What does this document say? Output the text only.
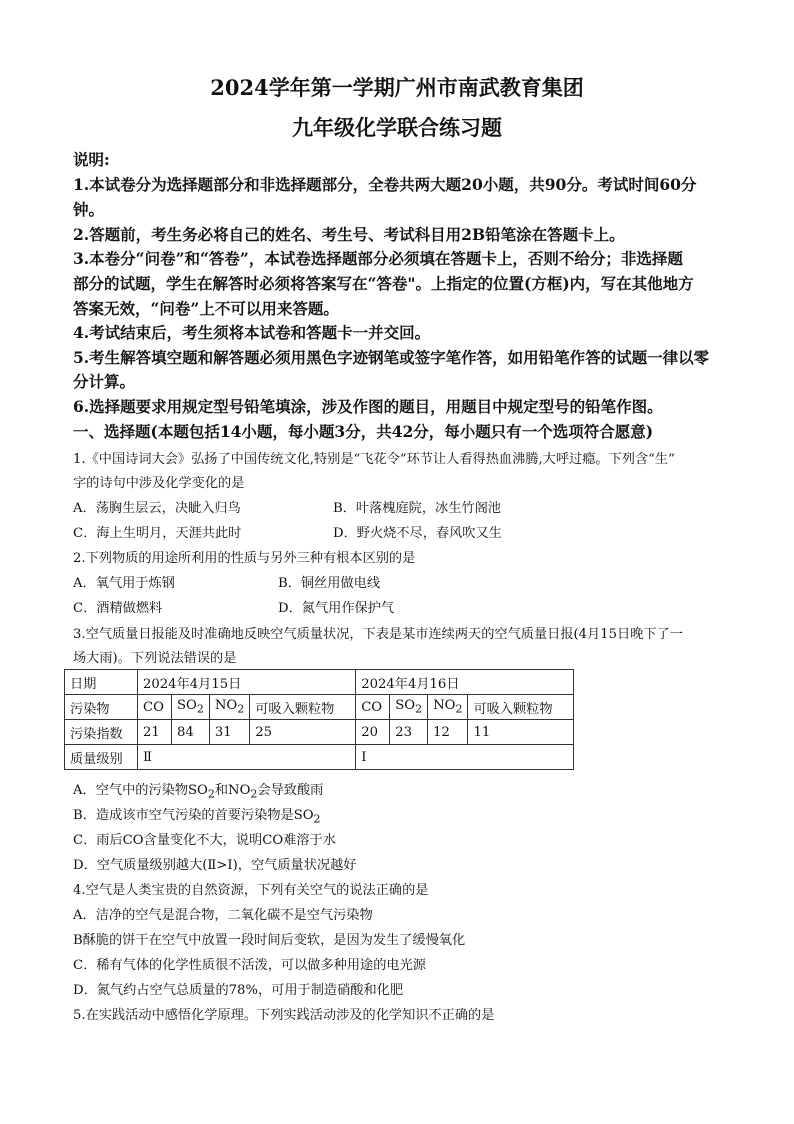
2024学年第一学期广州市南武教育集团
九年级化学联合练习题
说明:
1.本试卷分为选择题部分和非选择题部分，全卷共两大题20小题，共90分。考试时间60分
钟。
2.答题前，考生务必将自己的姓名、考生号、考试科目用2B铅笔涂在答题卡上。
3.本卷分“问卷”和“答卷”，本试卷选择题部分必须填在答题卡上，否则不给分；非选择题
部分的试题，学生在解答时必须将答案写在“答卷"。上指定的位置(方框)内，写在其他地方
答案无效，“问卷”上不可以用来答题。
4.考试结束后，考生须将本试卷和答题卡一并交回。
5.考生解答填空题和解答题必须用黑色字迹钢笔或签字笔作答，如用铅笔作答的试题一律以零
分计算。
6.选择题要求用规定型号铅笔填涂，涉及作图的题目，用题目中规定型号的铅笔作图。
一、选择题(本题包括14小题，每小题3分，共42分，每小题只有一个选项符合愿意)
1.《中国诗词大会》弘扬了中国传统文化,特别是“飞花令”环节让人看得热血沸腾,大呼过瘾。下列含“生”
字的诗句中涉及化学变化的是
A．荡胸生层云，决眦入归鸟	B．叶落槐庭院，冰生竹阁池
C．海上生明月，天涯共此时	D．野火烧不尽，春风吹又生
2.下列物质的用途所利用的性质与另外三种有根本区别的是
A．氧气用于炼钢	B．铜丝用做电线
C．酒精做燃料	D．氮气用作保护气
3.空气质量日报能及时准确地反映空气质量状况，下表是某市连续两天的空气质量日报(4月15日晚下了一
场大雨)。下列说法错误的是
日期	2024年4月15日				2024年4月16日			
污染物	CO	$SO_2$	$NO_2$	可吸入颗粒物	CO	$SO_2$	$NO_2$	可吸入颗粒物
污染指数	21	84	31	25	20	23	12	11
质量级别	Ⅱ				Ⅰ			
A．空气中的污染物$SO_2$和$NO_2$会导致酸雨
B．造成该市空气污染的首要污染物是$SO_2$
C．雨后CO含量变化不大，说明CO难溶于水
D．空气质量级别越大(Ⅱ>Ⅰ)，空气质量状况越好
4.空气是人类宝贵的自然资源，下列有关空气的说法正确的是
A．洁净的空气是混合物，二氧化碳不是空气污染物
B酥脆的饼干在空气中放置一段时间后变软，是因为发生了缓慢氧化
C．稀有气体的化学性质很不活泼，可以做多种用途的电光源
D．氮气约占空气总质量的78%，可用于制造硝酸和化肥
5.在实践活动中感悟化学原理。下列实践活动涉及的化学知识不正确的是
